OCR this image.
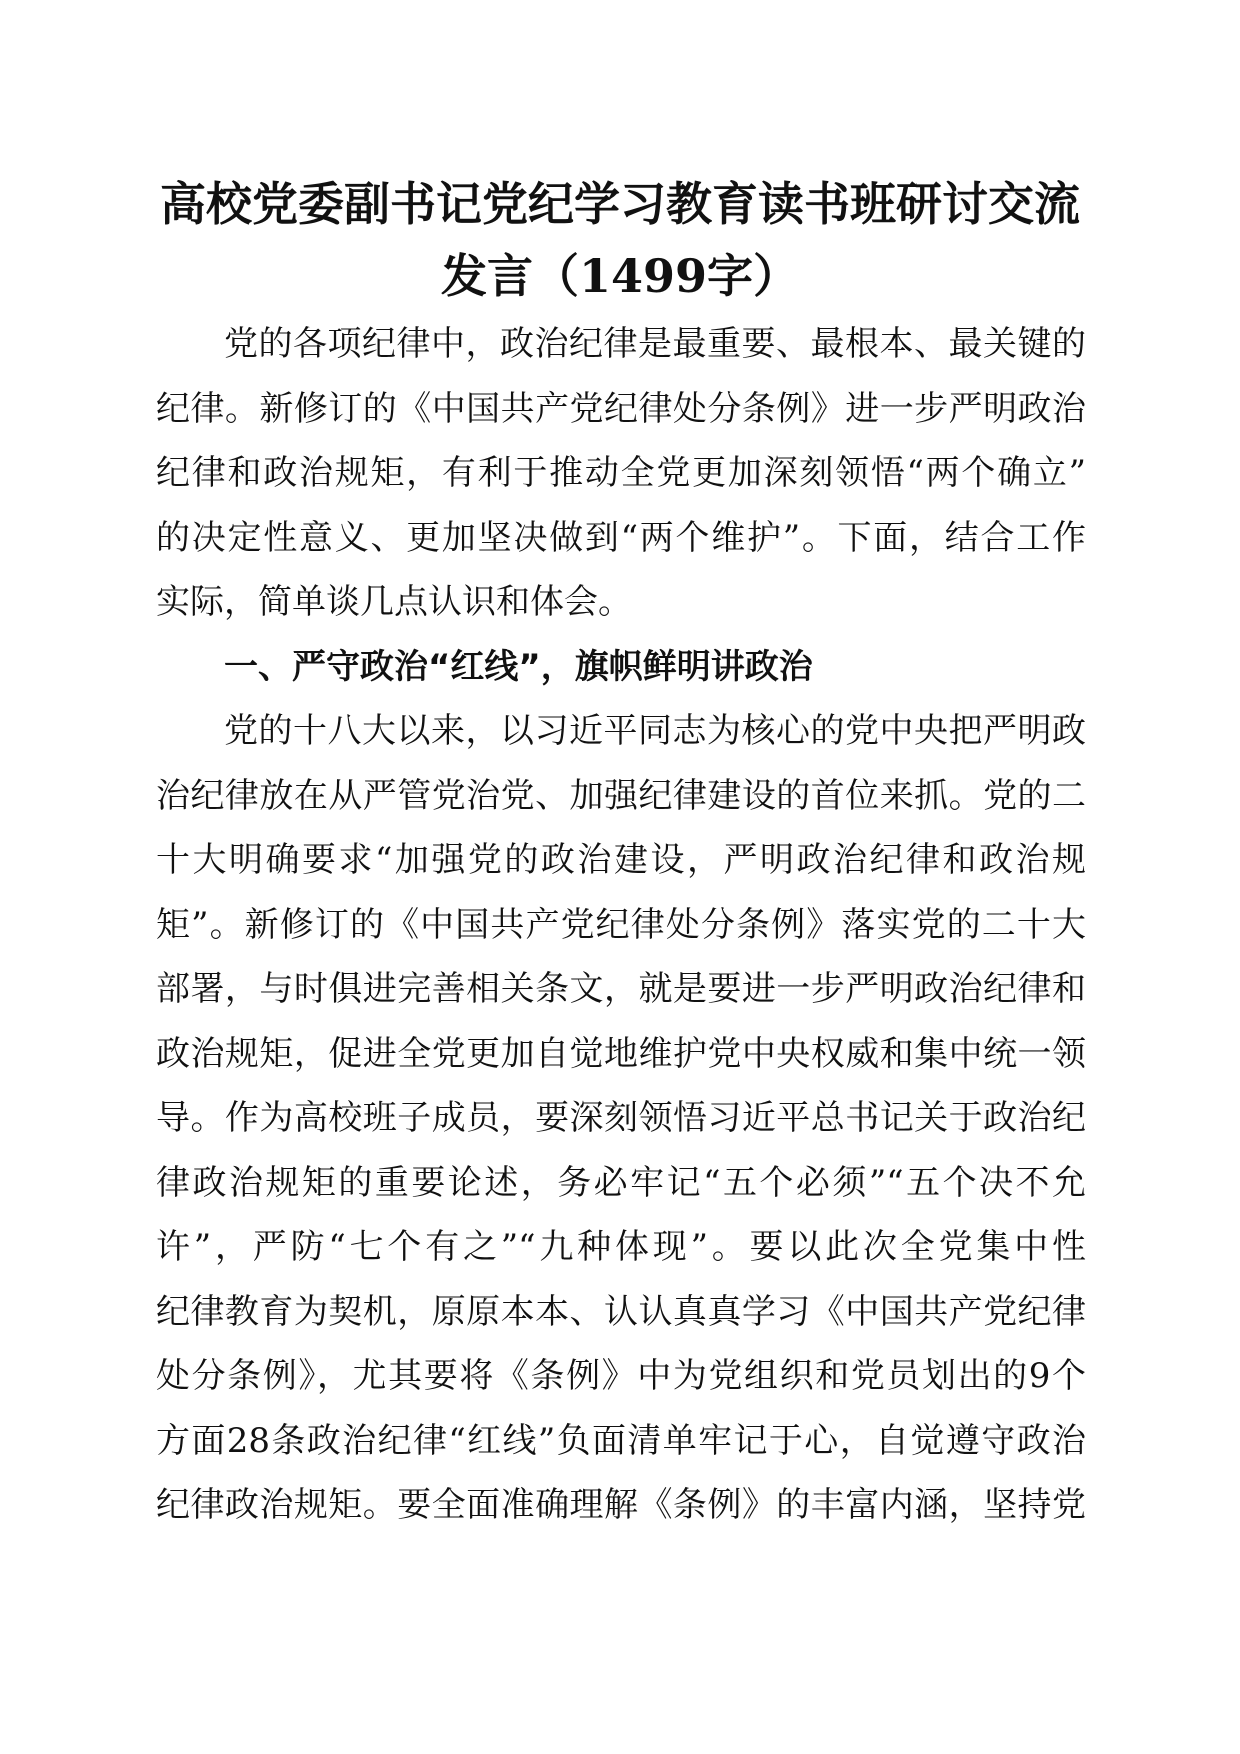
高校党委副书记党纪学习教育读书班研讨交流
发言（1499字）
党的各项纪律中，政治纪律是最重要、最根本、最关键的
纪律。新修订的《中国共产党纪律处分条例》进一步严明政治
纪律和政治规矩，有利于推动全党更加深刻领悟“两个确立”
的决定性意义、更加坚决做到“两个维护”。下面，结合工作
实际，简单谈几点认识和体会。
一、严守政治“红线”，旗帜鲜明讲政治
党的十八大以来，以习近平同志为核心的党中央把严明政
治纪律放在从严管党治党、加强纪律建设的首位来抓。党的二
十大明确要求“加强党的政治建设，严明政治纪律和政治规
矩”。新修订的《中国共产党纪律处分条例》落实党的二十大
部署，与时俱进完善相关条文，就是要进一步严明政治纪律和
政治规矩，促进全党更加自觉地维护党中央权威和集中统一领
导。作为高校班子成员，要深刻领悟习近平总书记关于政治纪
律政治规矩的重要论述，务必牢记“五个必须”“五个决不允
许”，严防“七个有之”“九种体现”。要以此次全党集中性
纪律教育为契机，原原本本、认认真真学习《中国共产党纪律
处分条例》，尤其要将《条例》中为党组织和党员划出的9个
方面28条政治纪律“红线”负面清单牢记于心，自觉遵守政治
纪律政治规矩。要全面准确理解《条例》的丰富内涵，坚持党
